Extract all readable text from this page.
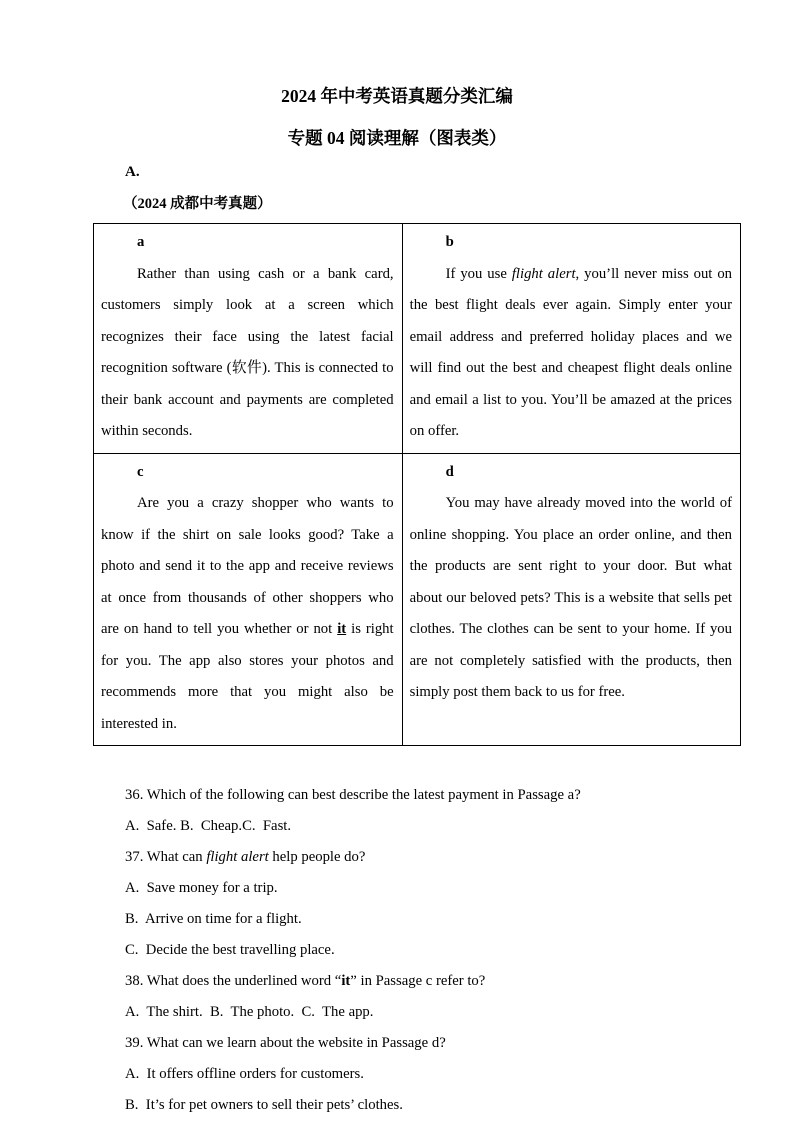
2024 年中考英语真题分类汇编
专题 04 阅读理解（图表类）
A.
（2024 成都中考真题）
a

Rather than using cash or a bank card, customers simply look at a screen which recognizes their face using the latest facial recognition software (软件). This is connected to their bank account and payments are completed within seconds.

b

If you use flight alert, you’ll never miss out on the best flight deals ever again. Simply enter your email address and preferred holiday places and we will find out the best and cheapest flight deals online and email a list to you. You’ll be amazed at the prices on offer.

c

Are you a crazy shopper who wants to know if the shirt on sale looks good? Take a photo and send it to the app and receive reviews at once from thousands of other shoppers who are on hand to tell you whether or not it is right for you. The app also stores your photos and recommends more that you might also be interested in.

d

You may have already moved into the world of online shopping. You place an order online, and then the products are sent right to your door. But what about our beloved pets? This is a website that sells pet clothes. The clothes can be sent to your home. If you are not completely satisfied with the products, then simply post them back to us for free.

36. Which of the following can best describe the latest payment in Passage a?

A.  Safe. B.  Cheap.C.  Fast.

37. What can flight alert help people do?

A.  Save money for a trip.

B.  Arrive on time for a flight.

C.  Decide the best travelling place.

38. What does the underlined word “it” in Passage c refer to?

A.  The shirt.  B.  The photo.  C.  The app.

39. What can we learn about the website in Passage d?

A.  It offers offline orders for customers.

B.  It’s for pet owners to sell their pets’ clothes.
